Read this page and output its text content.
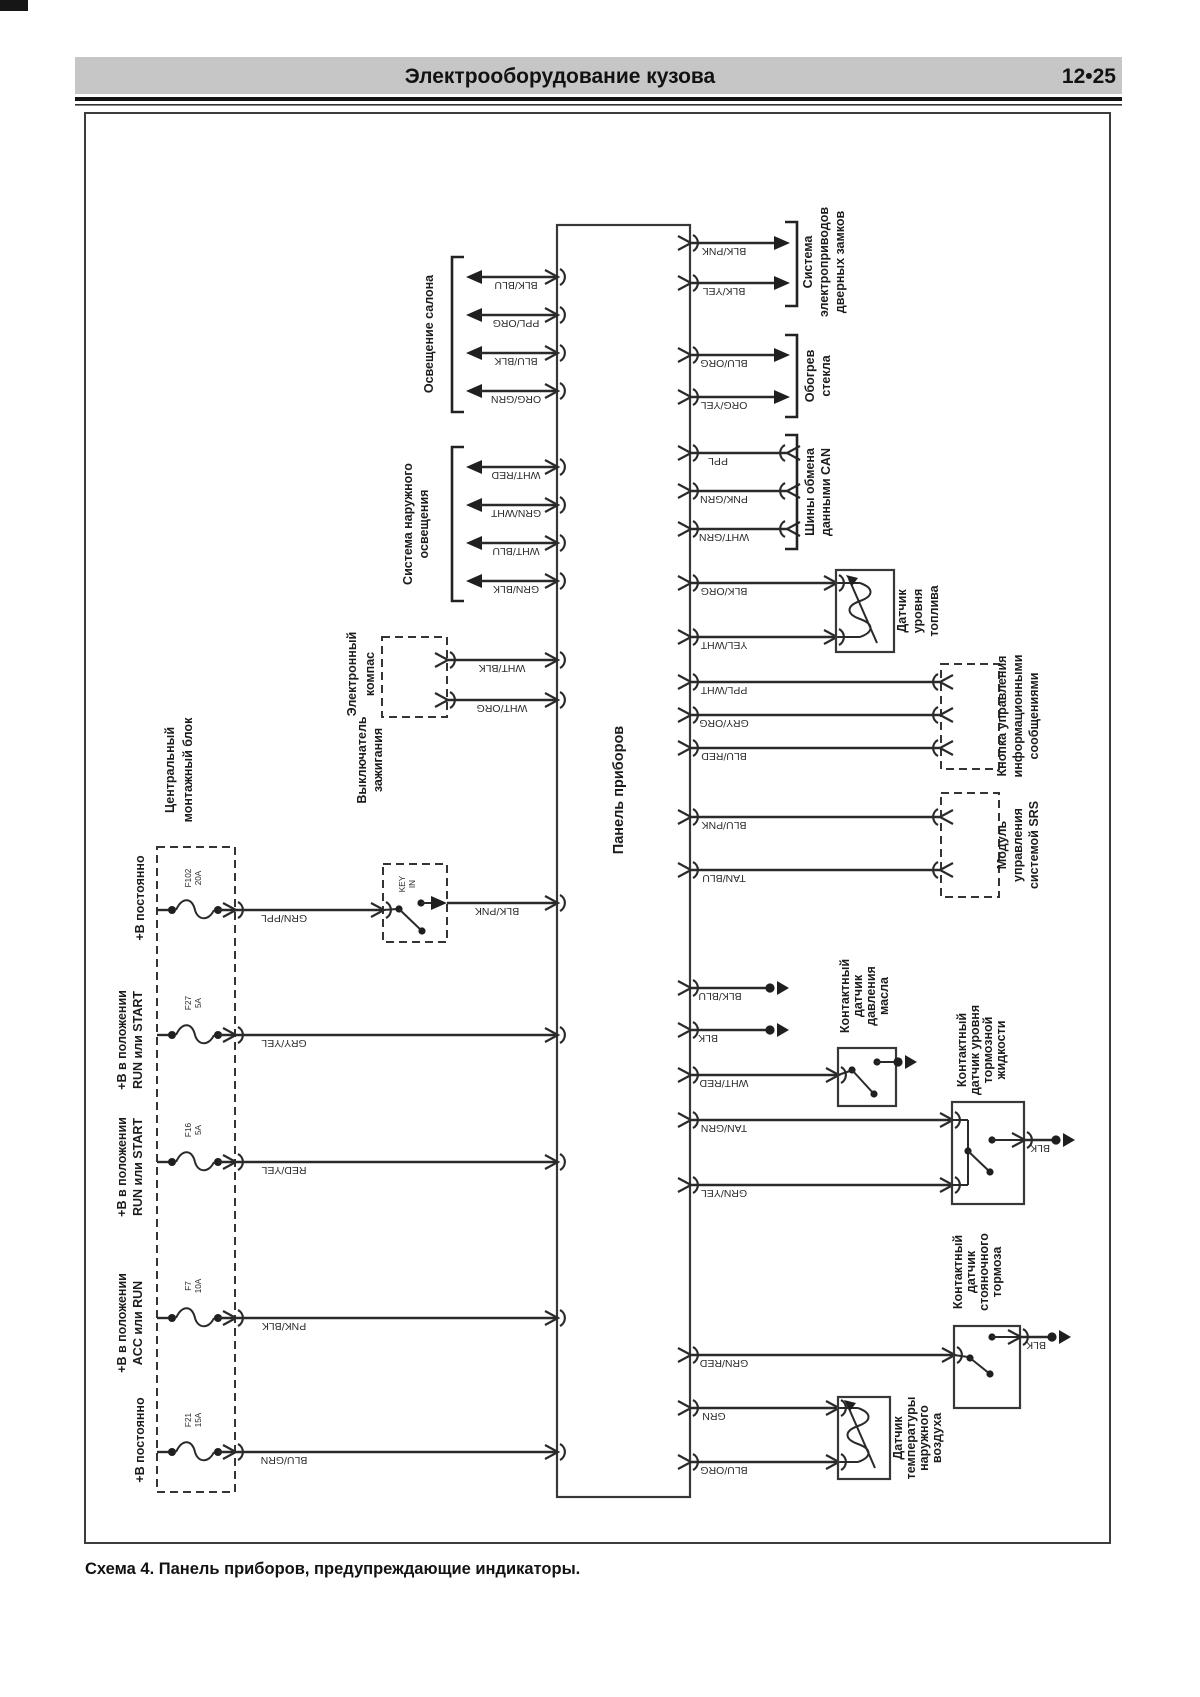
Электрооборудование кузова	12•25
Панель приборов
BLK/BLU
PPL/ORG
BLU/BLK
ORG/GRN
Освещение салона
WHT/RED
GRN/WHT
WHT/BLU
GRN/BLK
Система наружного освещения
WHT/BLK
WHT/ORG
Электронный компас
Центральный монтажный блок
F102 20A
GRN/PPL
+В постоянно
F27 5A
GRY/YEL
+В в положении RUN или START
F16 5A
RED/YEL
+В в положении RUN или START
F7 10A
PNK/BLK
+В в положении ACC или RUN
F21 15A
BLU/GRN
+В постоянно
KEY IN
BLK/PNK
Выключатель зажигания
BLK/PNK
BLK/YEL
Система электроприводов дверных замков
BLU/ORG
ORG/YEL
Обогрев стекла
PPL
PNK/GRN
WHT/GRN
Шины обмена данными CAN
BLK/ORG
YEL/WHT
Датчик уровня топлива
PPL/WHT
GRY/ORG
BLU/RED	Кнопка управления информационными сообщениями
BLU/PNK
TAN/BLU
Модуль управления системой SRS
BLK/BLU
BLK
WHT/RED
Контактный датчик давления масла
TAN/GRN
GRN/YEL
BLK
Контактный датчик уровня тормозной жидкости
GRN/RED
BLK
Контактный датчик стояночного тормоза
GRN
BLU/ORG
Датчик температуры наружного воздуха
Схема 4. Панель приборов, предупреждающие индикаторы.
